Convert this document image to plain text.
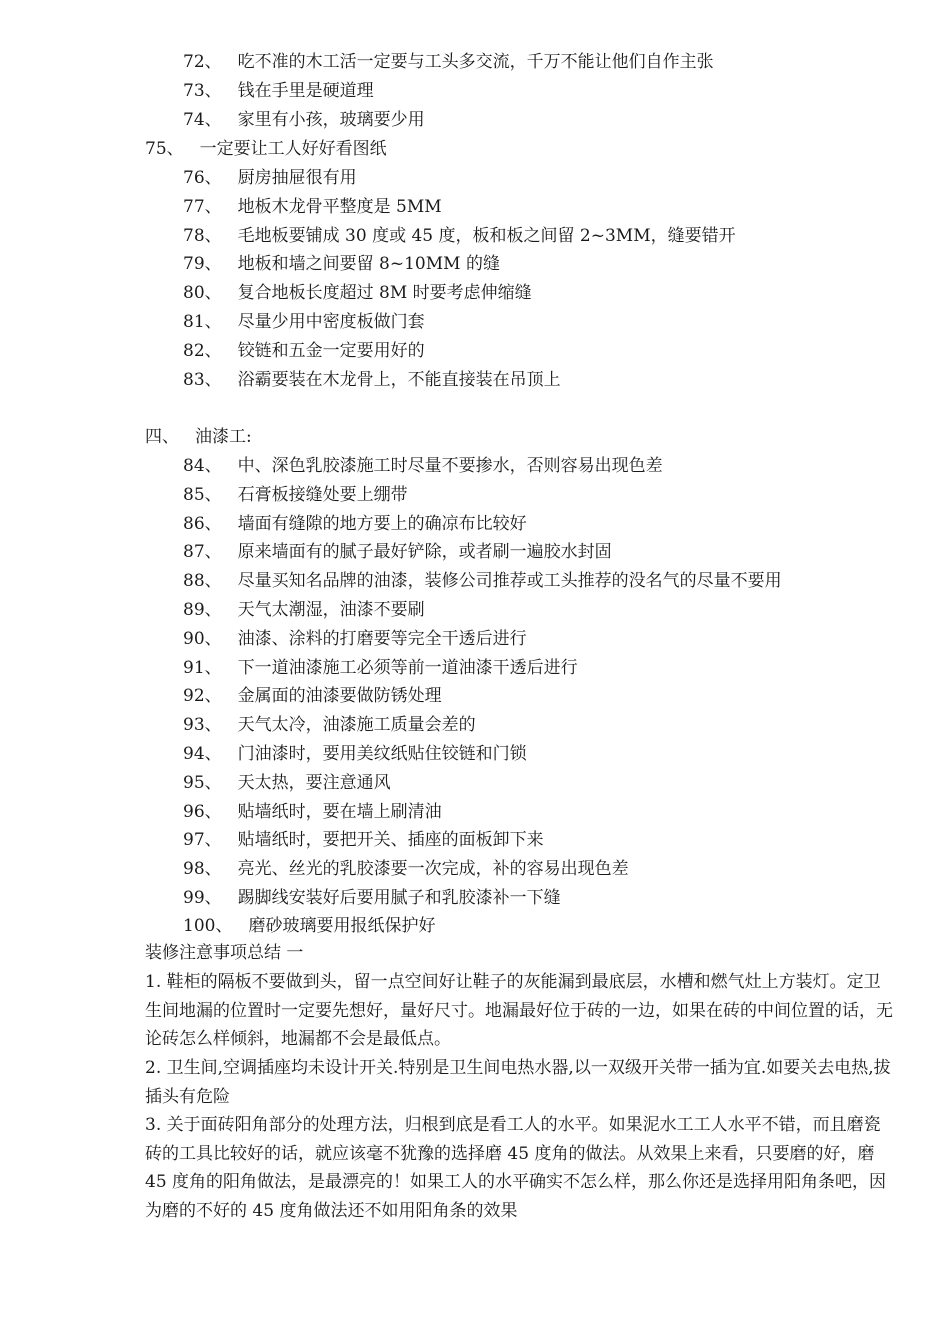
72、 吃不准的木工活一定要与工头多交流，千万不能让他们自作主张
73、 钱在手里是硬道理
74、 家里有小孩，玻璃要少用
75、 一定要让工人好好看图纸
76、 厨房抽屉很有用
77、 地板木龙骨平整度是 5MM
78、 毛地板要铺成 30 度或 45 度，板和板之间留 2~3MM，缝要错开
79、 地板和墙之间要留 8~10MM 的缝
80、 复合地板长度超过 8M 时要考虑伸缩缝
81、 尽量少用中密度板做门套
82、 铰链和五金一定要用好的
83、 浴霸要装在木龙骨上，不能直接装在吊顶上
四、 油漆工:
84、 中、深色乳胶漆施工时尽量不要掺水，否则容易出现色差
85、 石膏板接缝处要上绷带
86、 墙面有缝隙的地方要上的确凉布比较好
87、 原来墙面有的腻子最好铲除，或者刷一遍胶水封固
88、 尽量买知名品牌的油漆，装修公司推荐或工头推荐的没名气的尽量不要用
89、 天气太潮湿，油漆不要刷
90、 油漆、涂料的打磨要等完全干透后进行
91、 下一道油漆施工必须等前一道油漆干透后进行
92、 金属面的油漆要做防锈处理
93、 天气太冷，油漆施工质量会差的
94、 门油漆时，要用美纹纸贴住铰链和门锁
95、 天太热，要注意通风
96、 贴墙纸时，要在墙上刷清油
97、 贴墙纸时，要把开关、插座的面板卸下来
98、 亮光、丝光的乳胶漆要一次完成，补的容易出现色差
99、 踢脚线安装好后要用腻子和乳胶漆补一下缝
100、 磨砂玻璃要用报纸保护好
装修注意事项总结 一
1. 鞋柜的隔板不要做到头，留一点空间好让鞋子的灰能漏到最底层，水槽和燃气灶上方装灯。定卫生间地漏的位置时一定要先想好，量好尺寸。地漏最好位于砖的一边，如果在砖的中间位置的话，无论砖怎么样倾斜，地漏都不会是最低点。
2. 卫生间,空调插座均未设计开关.特别是卫生间电热水器,以一双级开关带一插为宜.如要关去电热,拔插头有危险
3. 关于面砖阳角部分的处理方法，归根到底是看工人的水平。如果泥水工工人水平不错，而且磨瓷砖的工具比较好的话，就应该毫不犹豫的选择磨 45 度角的做法。从效果上来看，只要磨的好，磨 45 度角的阳角做法，是最漂亮的！如果工人的水平确实不怎么样，那么你还是选择用阳角条吧，因为磨的不好的 45 度角做法还不如用阳角条的效果
